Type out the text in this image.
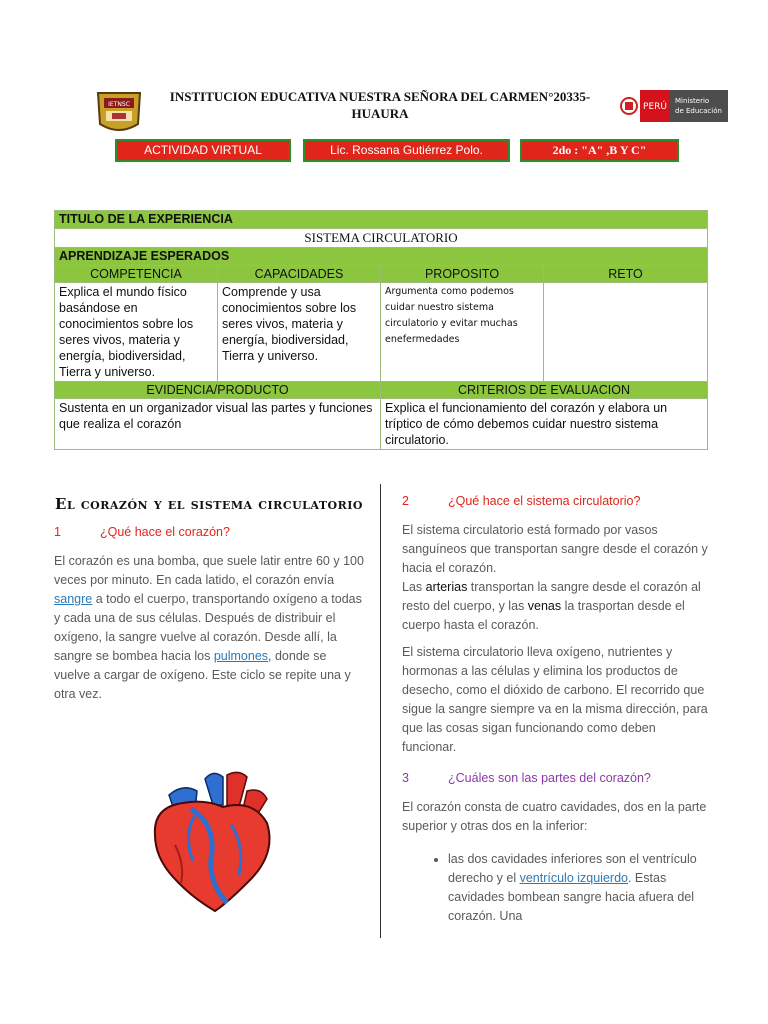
IETNSC
INSTITUCION EDUCATIVA NUESTRA SEÑORA DEL CARMEN°20335-HUAURA	PERÚ
Ministerio
de Educación
ACTIVIDAD VIRTUAL	Lic. Rossana Gutiérrez Polo.	2do : "A" ,B Y C"
TITULO DE LA EXPERIENCIA			
SISTEMA CIRCULATORIO			
APRENDIZAJE ESPERADOS			
COMPETENCIA	CAPACIDADES	PROPOSITO	RETO
Explica el mundo físico basándose en conocimientos sobre los seres vivos, materia y energía, biodiversidad, Tierra y universo.	Comprende y usa conocimientos sobre los seres vivos, materia y energía, biodiversidad, Tierra y universo.	Argumenta como podemos cuidar nuestro sistema circulatorio y evitar muchas enefermedades	
EVIDENCIA/PRODUCTO		CRITERIOS DE EVALUACION	
Sustenta en un organizador visual las partes y funciones que realiza el corazón		Explica el funcionamiento del corazón y elabora un tríptico de cómo debemos cuidar nuestro sistema circulatorio.	
El corazón y el sistema circulatorio
1	¿Qué hace el corazón?

El corazón es una bomba, que suele latir entre 60 y 100 veces por minuto. En cada latido, el corazón envía sangre a todo el cuerpo, transportando oxígeno a todas y cada una de sus células. Después de distribuir el oxígeno, la sangre vuelve al corazón. Desde allí, la sangre se bombea hacia los pulmones, donde se vuelve a cargar de oxígeno. Este ciclo se repite una y otra vez.

2	¿Qué hace el sistema circulatorio?

El sistema circulatorio está formado por vasos sanguíneos que transportan sangre desde el corazón y hacia el corazón.

Las arterias transportan la sangre desde el corazón al resto del cuerpo, y las venas la trasportan desde el cuerpo hasta el corazón.

El sistema circulatorio lleva oxígeno, nutrientes y hormonas a las células y elimina los productos de desecho, como el dióxido de carbono. El recorrido que sigue la sangre siempre va en la misma dirección, para que las cosas sigan funcionando como deben funcionar.

3	¿Cuáles son las partes del corazón?

El corazón consta de cuatro cavidades, dos en la parte superior y otras dos en la inferior:

• las dos cavidades inferiores son el ventrículo derecho y el ventrículo izquierdo. Estas cavidades bombean sangre hacia afuera del corazón. Una
